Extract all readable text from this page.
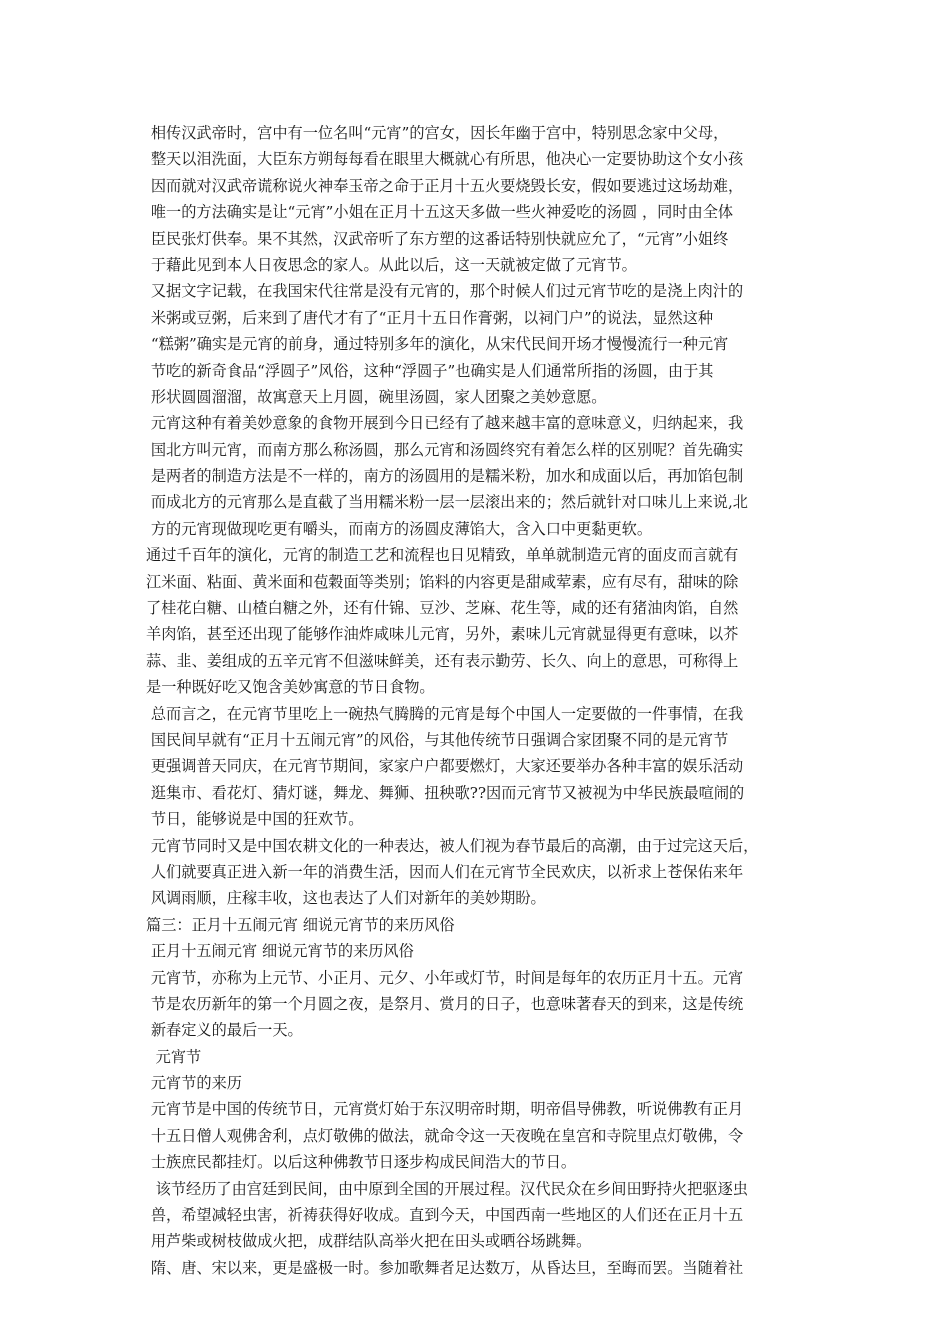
相传汉武帝时，宫中有一位名叫“元宵”的宫女，因长年幽于宫中，特别思念家中父母，
整天以泪洗面，大臣东方朔每每看在眼里大概就心有所思，他决心一定要协助这个女小孩
因而就对汉武帝谎称说火神奉玉帝之命于正月十五火要烧毁长安，假如要逃过这场劫难，
唯一的方法确实是让“元宵”小姐在正月十五这天多做一些火神爱吃的汤圆 ，同时由全体
臣民张灯供奉。果不其然，汉武帝听了东方塑的这番话特别快就应允了，“元宵”小姐终
于藉此见到本人日夜思念的家人。从此以后，这一天就被定做了元宵节。
又据文字记载，在我国宋代往常是没有元宵的，那个时候人们过元宵节吃的是浇上肉汁的
米粥或豆粥，后来到了唐代才有了“正月十五日作膏粥，以祠门户”的说法，显然这种
“糕粥”确实是元宵的前身，通过特别多年的演化，从宋代民间开场才慢慢流行一种元宵
节吃的新奇食品“浮圆子”风俗，这种“浮圆子”也确实是人们通常所指的汤圆，由于其
形状圆圆溜溜，故寓意天上月圆，碗里汤圆，家人团聚之美妙意愿。
元宵这种有着美妙意象的食物开展到今日已经有了越来越丰富的意味意义，归纳起来，我
国北方叫元宵，而南方那么称汤圆，那么元宵和汤圆终究有着怎么样的区别呢？首先确实
是两者的制造方法是不一样的，南方的汤圆用的是糯米粉，加水和成面以后，再加馅包制
而成北方的元宵那么是直截了当用糯米粉一层一层滚出来的；然后就针对口味儿上来说,北
方的元宵现做现吃更有嚼头，而南方的汤圆皮薄馅大，含入口中更黏更软。
通过千百年的演化，元宵的制造工艺和流程也日见精致，单单就制造元宵的面皮而言就有
江米面、粘面、黄米面和苞穀面等类别；馅料的内容更是甜咸荤素，应有尽有，甜味的除
了桂花白糖、山楂白糖之外，还有什锦、豆沙、芝麻、花生等，咸的还有猪油肉馅，自然
羊肉馅，甚至还出现了能够作油炸咸味儿元宵，另外，素味儿元宵就显得更有意味，以芥
蒜、韭、姜组成的五辛元宵不但滋味鲜美，还有表示勤劳、长久、向上的意思，可称得上
是一种既好吃又饱含美妙寓意的节日食物。
总而言之，在元宵节里吃上一碗热气腾腾的元宵是每个中国人一定要做的一件事情，在我
国民间早就有“正月十五闹元宵”的风俗，与其他传统节日强调合家团聚不同的是元宵节
更强调普天同庆，在元宵节期间，家家户户都要燃灯，大家还要举办各种丰富的娱乐活动
逛集市、看花灯、猜灯谜，舞龙、舞狮、扭秧歌??因而元宵节又被视为中华民族最喧闹的
节日，能够说是中国的狂欢节。
元宵节同时又是中国农耕文化的一种表达，被人们视为春节最后的高潮，由于过完这天后，
人们就要真正进入新一年的消费生活，因而人们在元宵节全民欢庆，以祈求上苍保佑来年
风调雨顺，庄稼丰收，这也表达了人们对新年的美妙期盼。
篇三：正月十五闹元宵 细说元宵节的来历风俗
正月十五闹元宵 细说元宵节的来历风俗
元宵节，亦称为上元节、小正月、元夕、小年或灯节，时间是每年的农历正月十五。元宵
节是农历新年的第一个月圆之夜，是祭月、赏月的日子，也意味著春天的到来，这是传统
新春定义的最后一天。
元宵节
元宵节的来历
元宵节是中国的传统节日，元宵赏灯始于东汉明帝时期，明帝倡导佛教，听说佛教有正月
十五日僧人观佛舍利，点灯敬佛的做法，就命令这一天夜晚在皇宫和寺院里点灯敬佛，令
士族庶民都挂灯。以后这种佛教节日逐步构成民间浩大的节日。
该节经历了由宫廷到民间，由中原到全国的开展过程。汉代民众在乡间田野持火把驱逐虫
兽，希望减轻虫害，祈祷获得好收成。直到今天，中国西南一些地区的人们还在正月十五
用芦柴或树枝做成火把，成群结队高举火把在田头或晒谷场跳舞。
隋、唐、宋以来，更是盛极一时。参加歌舞者足达数万，从昏达旦，至晦而罢。当随着社
